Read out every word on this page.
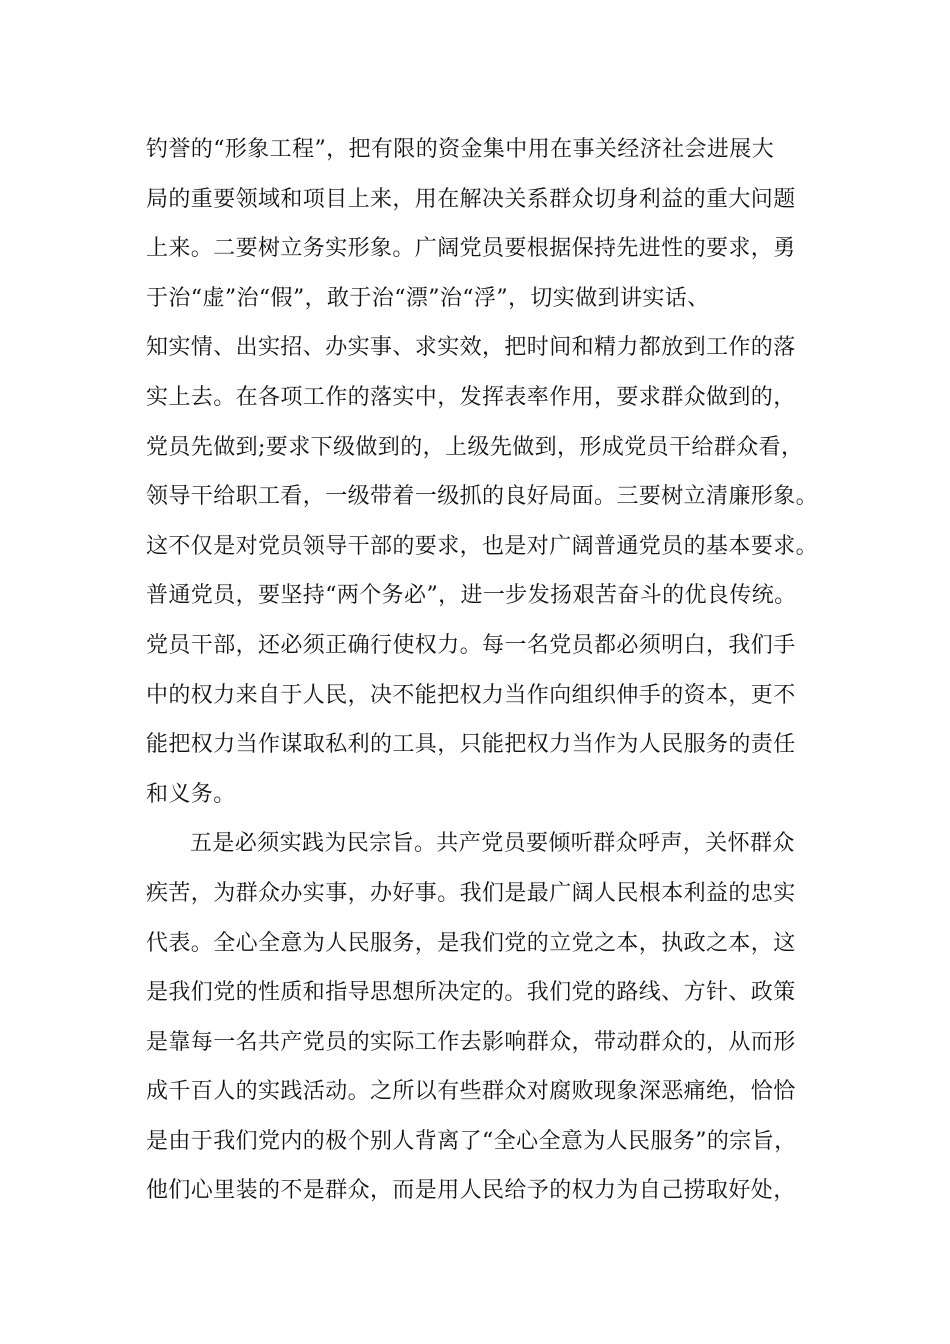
钓誉的“形象工程”，把有限的资金集中用在事关经济社会进展大
局的重要领域和项目上来，用在解决关系群众切身利益的重大问题
上来。二要树立务实形象。广阔党员要根据保持先进性的要求，勇
于治“虚”治“假”，敢于治“漂”治“浮”，切实做到讲实话、
知实情、出实招、办实事、求实效，把时间和精力都放到工作的落
实上去。在各项工作的落实中，发挥表率作用，要求群众做到的，
党员先做到;要求下级做到的，上级先做到，形成党员干给群众看，
领导干给职工看，一级带着一级抓的良好局面。三要树立清廉形象。
这不仅是对党员领导干部的要求，也是对广阔普通党员的基本要求。
普通党员，要坚持“两个务必”，进一步发扬艰苦奋斗的优良传统。
党员干部，还必须正确行使权力。每一名党员都必须明白，我们手
中的权力来自于人民，决不能把权力当作向组织伸手的资本，更不
能把权力当作谋取私利的工具，只能把权力当作为人民服务的责任
和义务。
五是必须实践为民宗旨。共产党员要倾听群众呼声，关怀群众
疾苦，为群众办实事，办好事。我们是最广阔人民根本利益的忠实
代表。全心全意为人民服务，是我们党的立党之本，执政之本，这
是我们党的性质和指导思想所决定的。我们党的路线、方针、政策
是靠每一名共产党员的实际工作去影响群众，带动群众的，从而形
成千百人的实践活动。之所以有些群众对腐败现象深恶痛绝，恰恰
是由于我们党内的极个别人背离了“全心全意为人民服务”的宗旨，
他们心里装的不是群众，而是用人民给予的权力为自己捞取好处，
